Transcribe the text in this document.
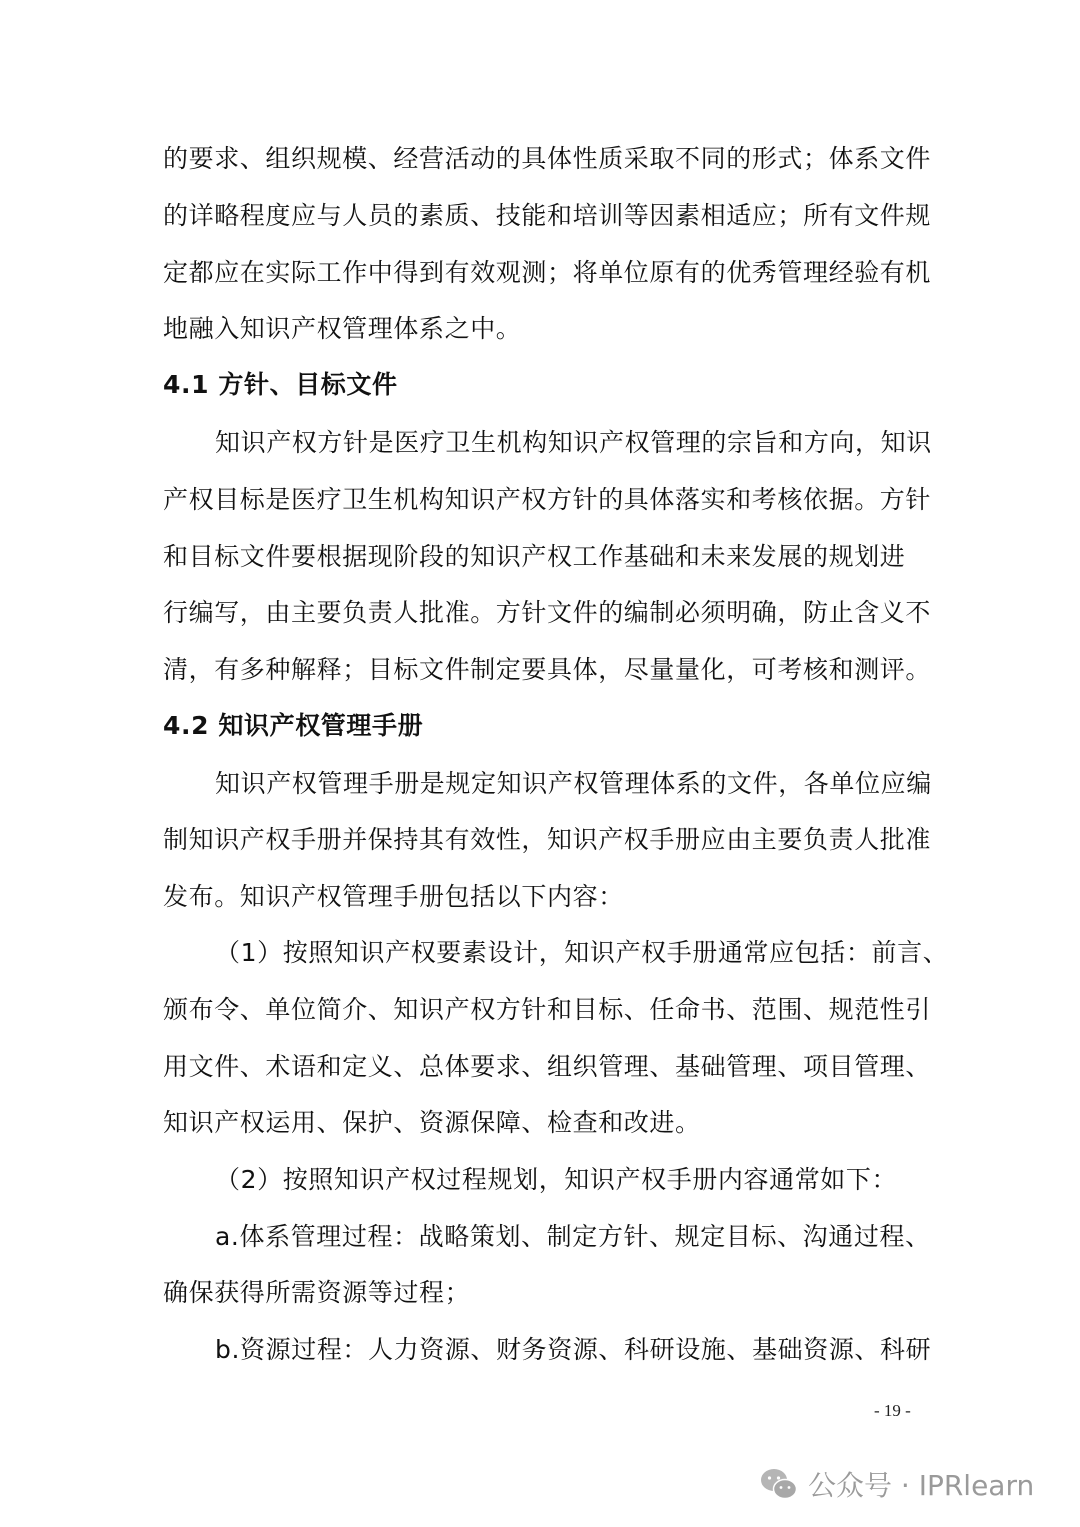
的要求、组织规模、经营活动的具体性质采取不同的形式；体系文件
的详略程度应与人员的素质、技能和培训等因素相适应；所有文件规
定都应在实际工作中得到有效观测；将单位原有的优秀管理经验有机
地融入知识产权管理体系之中。
4.1 方针、目标文件
知识产权方针是医疗卫生机构知识产权管理的宗旨和方向，知识
产权目标是医疗卫生机构知识产权方针的具体落实和考核依据。方针
和目标文件要根据现阶段的知识产权工作基础和未来发展的规划进
行编写，由主要负责人批准。方针文件的编制必须明确，防止含义不
清，有多种解释；目标文件制定要具体，尽量量化，可考核和测评。
4.2 知识产权管理手册
知识产权管理手册是规定知识产权管理体系的文件，各单位应编
制知识产权手册并保持其有效性，知识产权手册应由主要负责人批准
发布。知识产权管理手册包括以下内容：
（1）按照知识产权要素设计，知识产权手册通常应包括：前言、
颁布令、单位简介、知识产权方针和目标、任命书、范围、规范性引
用文件、术语和定义、总体要求、组织管理、基础管理、项目管理、
知识产权运用、保护、资源保障、检查和改进。
（2）按照知识产权过程规划，知识产权手册内容通常如下：
a.体系管理过程：战略策划、制定方针、规定目标、沟通过程、
确保获得所需资源等过程；
b.资源过程：人力资源、财务资源、科研设施、基础资源、科研
- 19 -
公众号 · IPRlearn
